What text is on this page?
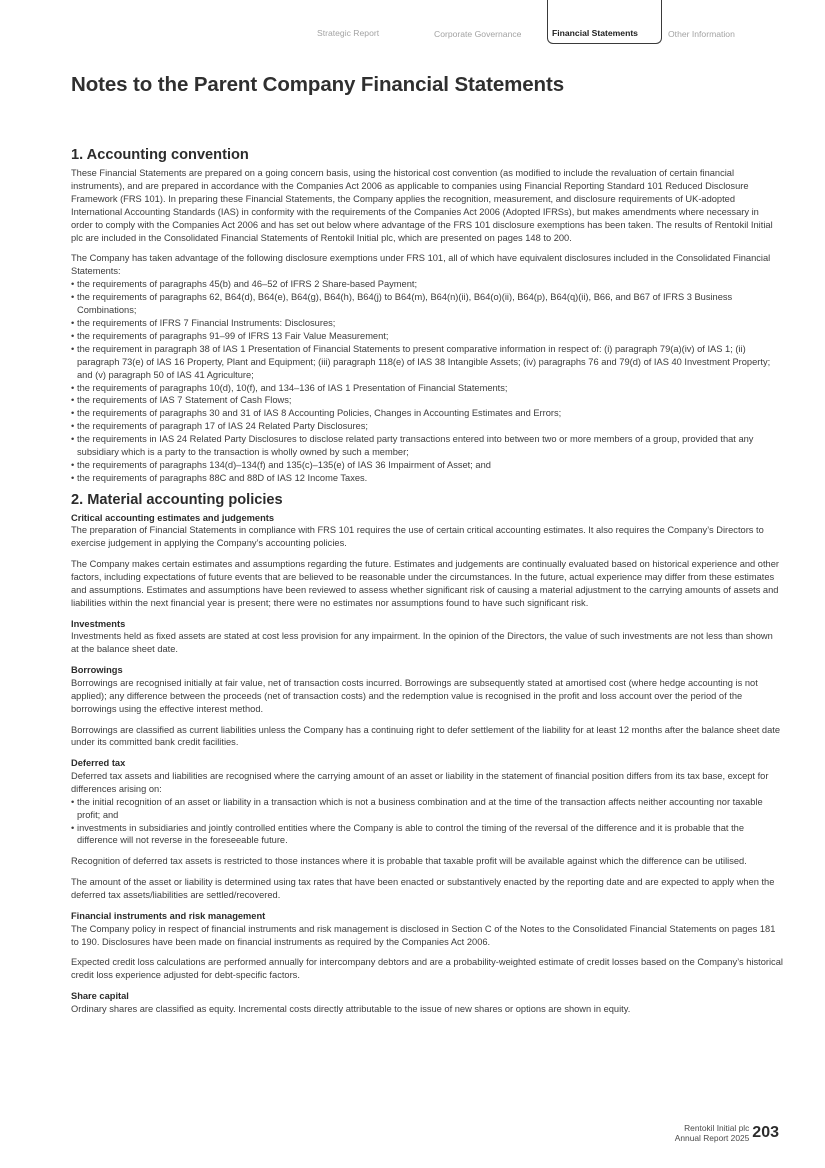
Strategic Report	Corporate Governance	Financial Statements	Other Information
Notes to the Parent Company Financial Statements
1. Accounting convention

These Financial Statements are prepared on a going concern basis, using the historical cost convention (as modified to include the revaluation of certain financial instruments), and are prepared in accordance with the Companies Act 2006 as applicable to companies using Financial Reporting Standard 101 Reduced Disclosure Framework (FRS 101). In preparing these Financial Statements, the Company applies the recognition, measurement, and disclosure requirements of UK-adopted International Accounting Standards (IAS) in conformity with the requirements of the Companies Act 2006 (Adopted IFRSs), but makes amendments where necessary in order to comply with the Companies Act 2006 and has set out below where advantage of the FRS 101 disclosure exemptions has been taken. The results of Rentokil Initial plc are included in the Consolidated Financial Statements of Rentokil Initial plc, which are presented on pages 148 to 200.

The Company has taken advantage of the following disclosure exemptions under FRS 101, all of which have equivalent disclosures included in the Consolidated Financial Statements:

• the requirements of paragraphs 45(b) and 46–52 of IFRS 2 Share-based Payment;
• the requirements of paragraphs 62, B64(d), B64(e), B64(g), B64(h), B64(j) to B64(m), B64(n)(ii), B64(o)(ii), B64(p), B64(q)(ii), B66, and B67 of IFRS 3 Business Combinations;
• the requirements of IFRS 7 Financial Instruments: Disclosures;
• the requirements of paragraphs 91–99 of IFRS 13 Fair Value Measurement;
• the requirement in paragraph 38 of IAS 1 Presentation of Financial Statements to present comparative information in respect of: (i) paragraph 79(a)(iv) of IAS 1; (ii) paragraph 73(e) of IAS 16 Property, Plant and Equipment; (iii) paragraph 118(e) of IAS 38 Intangible Assets; (iv) paragraphs 76 and 79(d) of IAS 40 Investment Property; and (v) paragraph 50 of IAS 41 Agriculture;
• the requirements of paragraphs 10(d), 10(f), and 134–136 of IAS 1 Presentation of Financial Statements;
• the requirements of IAS 7 Statement of Cash Flows;
• the requirements of paragraphs 30 and 31 of IAS 8 Accounting Policies, Changes in Accounting Estimates and Errors;
• the requirements of paragraph 17 of IAS 24 Related Party Disclosures;
• the requirements in IAS 24 Related Party Disclosures to disclose related party transactions entered into between two or more members of a group, provided that any subsidiary which is a party to the transaction is wholly owned by such a member;
• the requirements of paragraphs 134(d)–134(f) and 135(c)–135(e) of IAS 36 Impairment of Asset; and
• the requirements of paragraphs 88C and 88D of IAS 12 Income Taxes.
2. Material accounting policies
Critical accounting estimates and judgements

The preparation of Financial Statements in compliance with FRS 101 requires the use of certain critical accounting estimates. It also requires the Company’s Directors to exercise judgement in applying the Company’s accounting policies.

The Company makes certain estimates and assumptions regarding the future. Estimates and judgements are continually evaluated based on historical experience and other factors, including expectations of future events that are believed to be reasonable under the circumstances. In the future, actual experience may differ from these estimates and assumptions. Estimates and assumptions have been reviewed to assess whether significant risk of causing a material adjustment to the carrying amounts of assets and liabilities within the next financial year is present; there were no estimates nor assumptions found to have such significant risk.

Investments

Investments held as fixed assets are stated at cost less provision for any impairment. In the opinion of the Directors, the value of such investments are not less than shown at the balance sheet date.

Borrowings

Borrowings are recognised initially at fair value, net of transaction costs incurred. Borrowings are subsequently stated at amortised cost (where hedge accounting is not applied); any difference between the proceeds (net of transaction costs) and the redemption value is recognised in the profit and loss account over the period of the borrowings using the effective interest method.

Borrowings are classified as current liabilities unless the Company has a continuing right to defer settlement of the liability for at least 12 months after the balance sheet date under its committed bank credit facilities.

Deferred tax

Deferred tax assets and liabilities are recognised where the carrying amount of an asset or liability in the statement of financial position differs from its tax base, except for differences arising on:

• the initial recognition of an asset or liability in a transaction which is not a business combination and at the time of the transaction affects neither accounting nor taxable profit; and
• investments in subsidiaries and jointly controlled entities where the Company is able to control the timing of the reversal of the difference and it is probable that the difference will not reverse in the foreseeable future.

Recognition of deferred tax assets is restricted to those instances where it is probable that taxable profit will be available against which the difference can be utilised.

The amount of the asset or liability is determined using tax rates that have been enacted or substantively enacted by the reporting date and are expected to apply when the deferred tax assets/liabilities are settled/recovered.

Financial instruments and risk management

The Company policy in respect of financial instruments and risk management is disclosed in Section C of the Notes to the Consolidated Financial Statements on pages 181 to 190. Disclosures have been made on financial instruments as required by the Companies Act 2006.

Expected credit loss calculations are performed annually for intercompany debtors and are a probability-weighted estimate of credit losses based on the Company’s historical credit loss experience adjusted for debt-specific factors.

Share capital

Ordinary shares are classified as equity. Incremental costs directly attributable to the issue of new shares or options are shown in equity.

Rentokil Initial plc
Annual Report 2025 203
